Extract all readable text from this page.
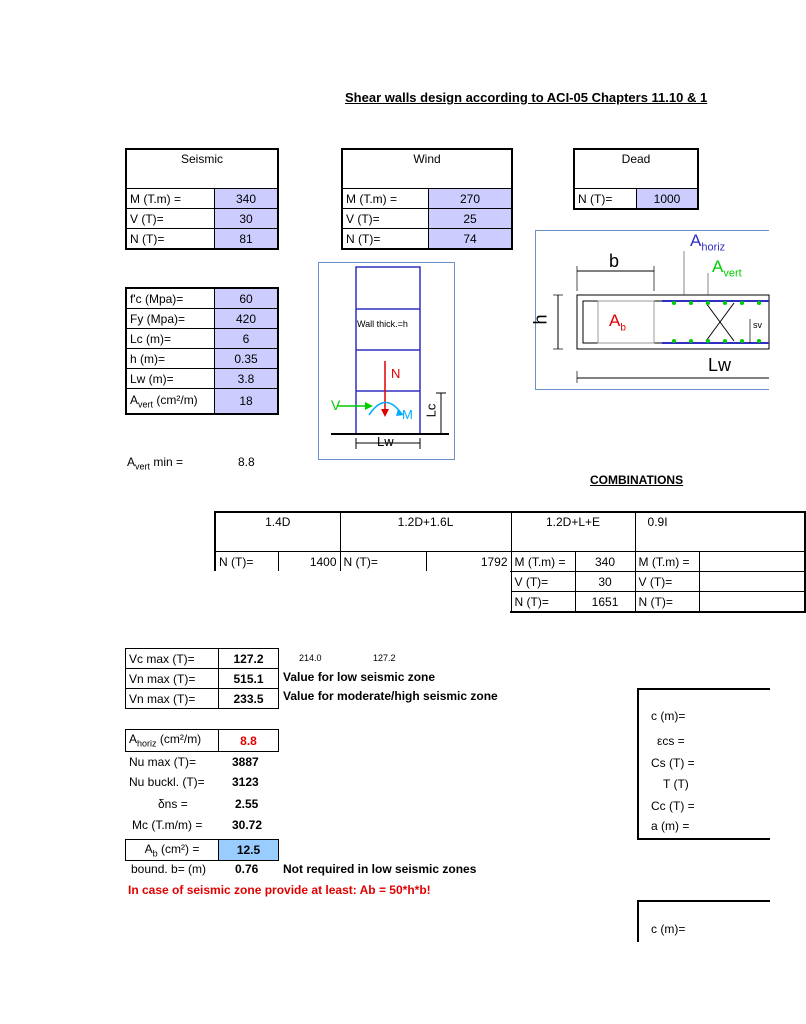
Shear walls design according to ACI-05 Chapters 11.10 & 1
Seismic	
M (T.m) =	340
V (T)=	30
N (T)=	81
Wind	
M (T.m) =	270
V (T)=	25
N (T)=	74
Dead
N (T)=	1000
f'c (Mpa)=	60
Fy (Mpa)=	420
Lc (m)=	6
h (m)=	0.35
Lw (m)=	3.8
$A_{vert}$ (cm²/m)	18
$A_{vert}$ min =	8.8
Wall thick.=h
N
V
M Lc
Lw
b
h	$A_b$
$A_{horiz}$
$A_{vert}$
sv
Lw
COMBINATIONS
1.4D		1.2D+1.6L		1.2D+L+E		0.9I	
N (T)=	1400	N (T)=	1792	M (T.m) =	340	M (T.m) =	
				V (T)=	30	V (T)=	
				N (T)=	1651	N (T)=	
Vc max (T)=	127.2
Vn max (T)=	515.1
Vn max (T)=	233.5
214.0	127.2
Value for low seismic zone
Value for moderate/high seismic zone
$A_{horiz}$ (cm²/m)	8.8
Nu max (T)=	3887
Nu buckl. (T)= 3123
δns =	2.55
Mc (T.m/m) = 30.72
$A_b$ (cm²) =	12.5
bound. b= (m) 0.76 Not required in low seismic zones
In case of seismic zone provide at least: Ab = 50*h*b!
c (m)=
εcs =
Cs (T) =
T (T)
Cc (T) =
a (m) =
c (m)=
